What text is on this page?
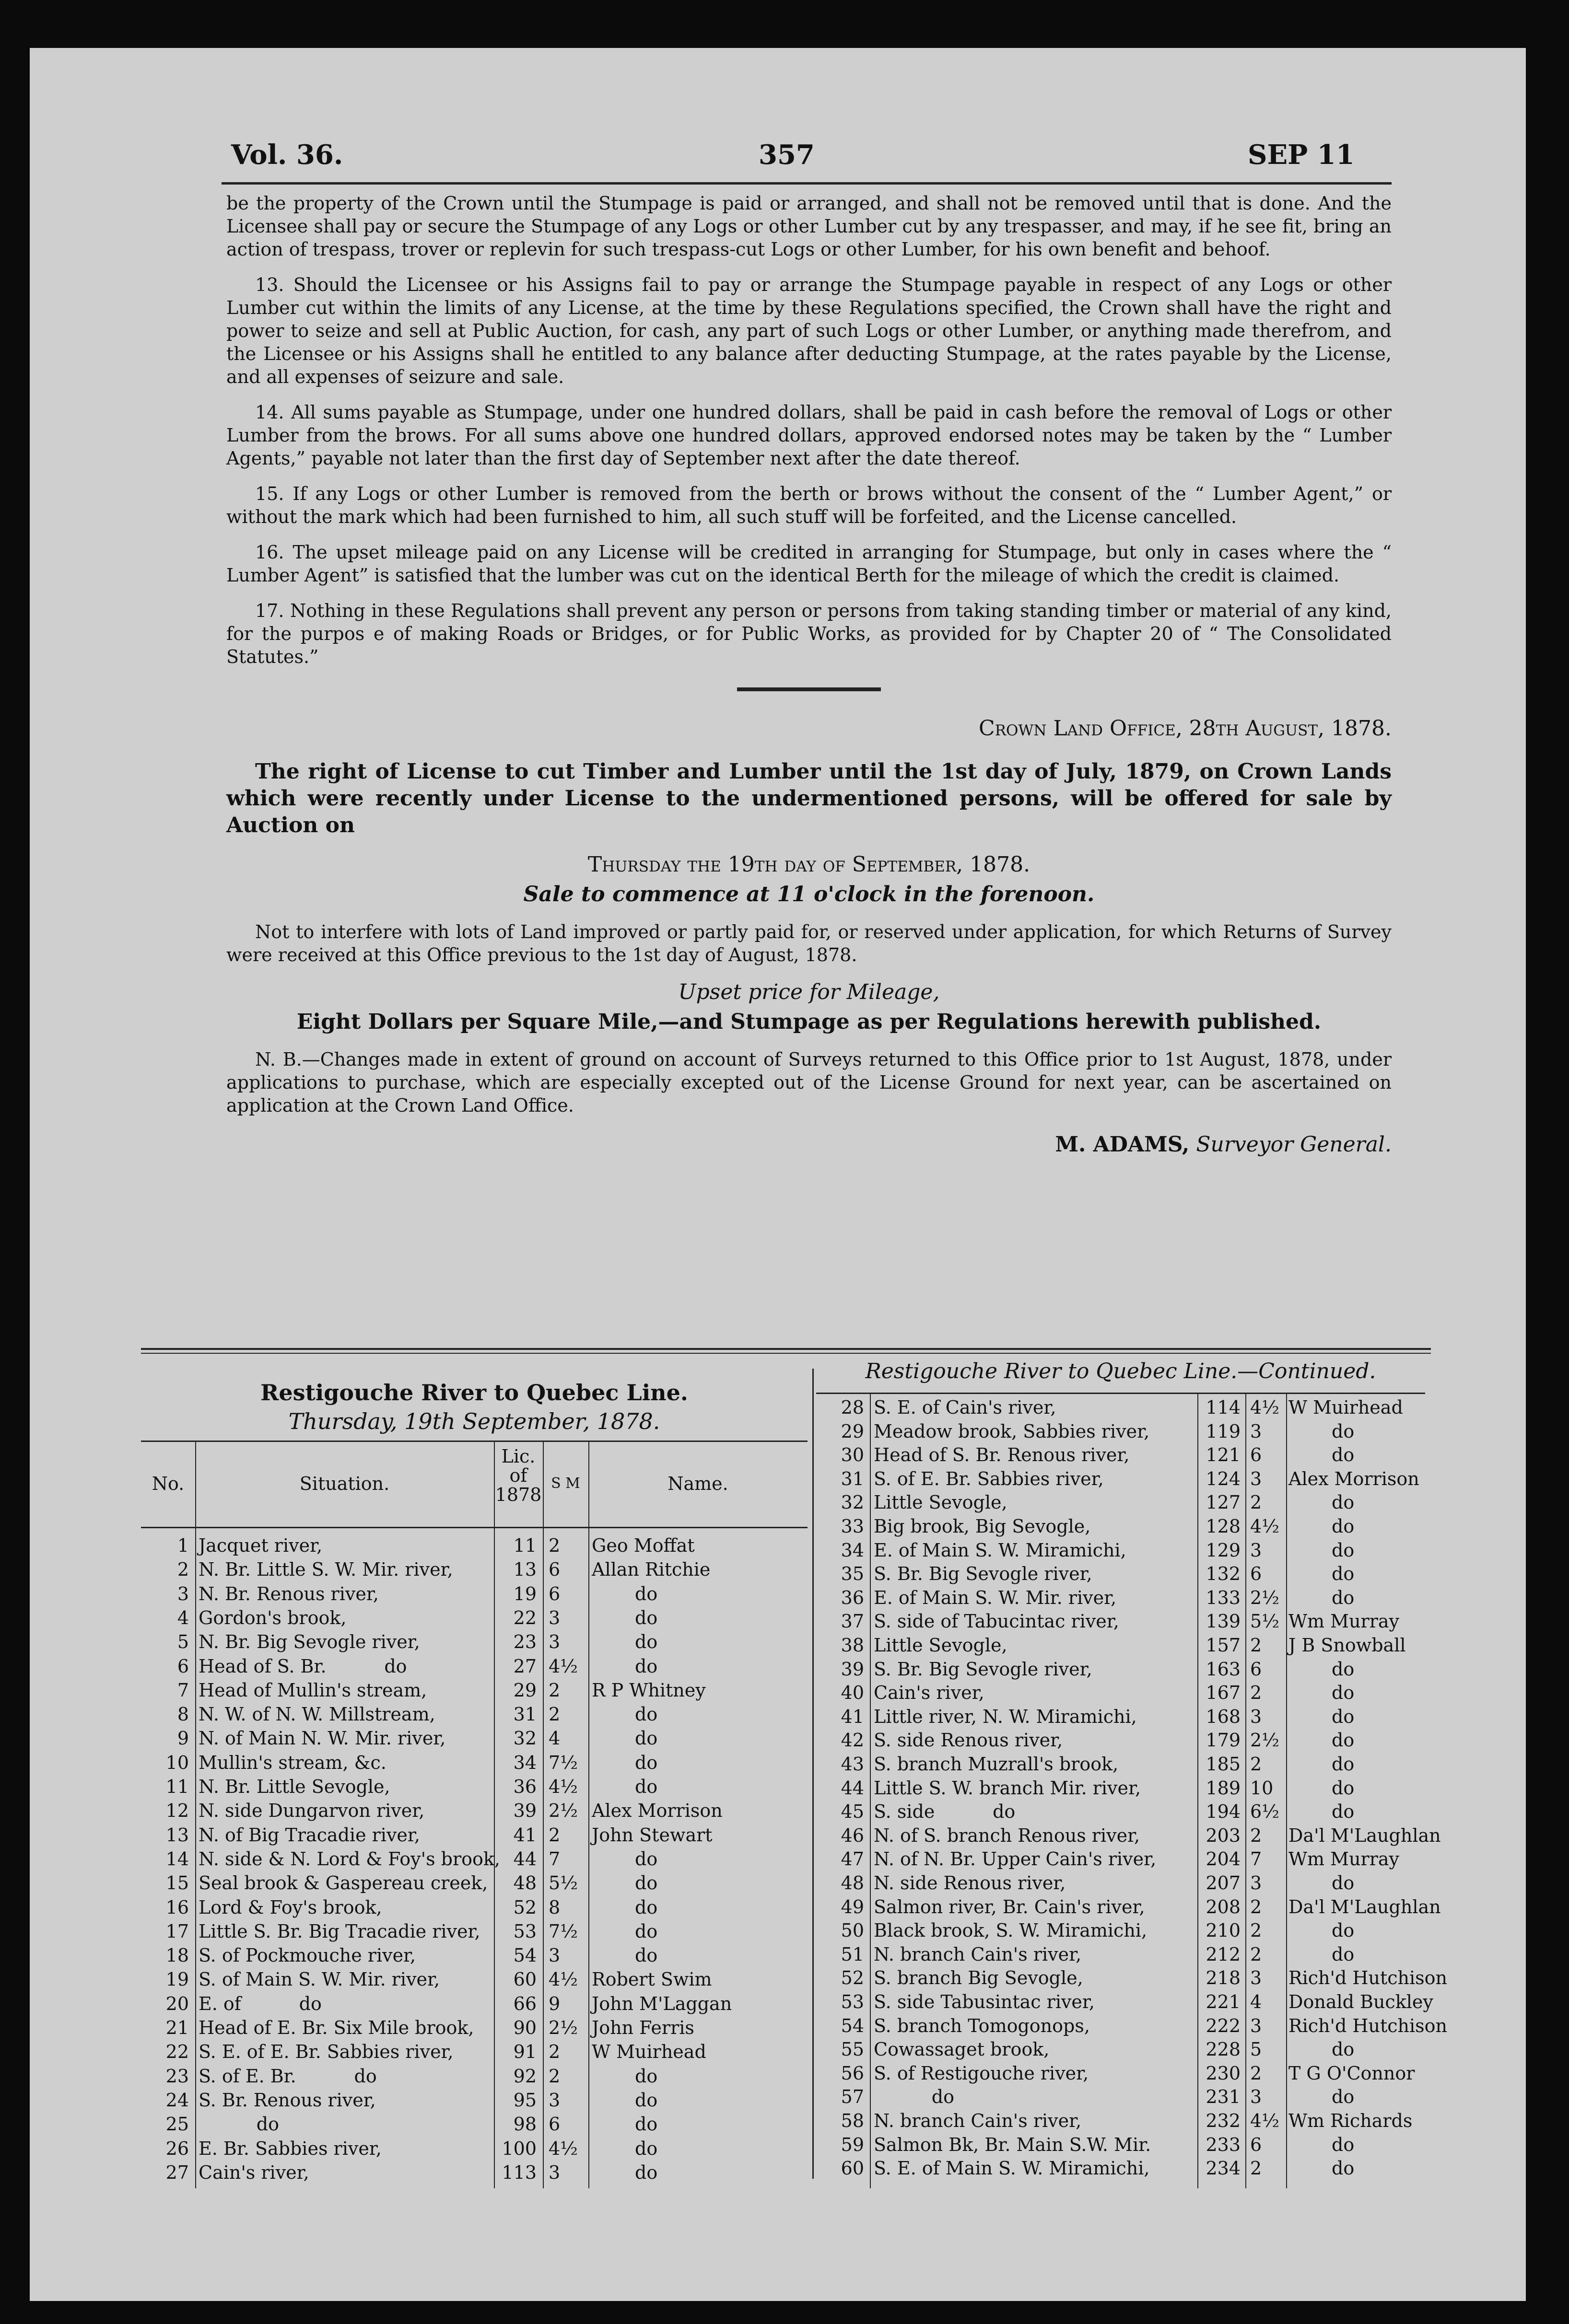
Vol. 36.	357	SEP 11

be the property of the Crown until the Stumpage is paid or arranged, and shall not be removed until that is done. And the Licensee shall pay or secure the Stumpage of any Logs or other Lumber cut by any trespasser, and may, if he see fit, bring an action of trespass, trover or replevin for such trespass-cut Logs or other Lumber, for his own benefit and behoof.

13. Should the Licensee or his Assigns fail to pay or arrange the Stumpage payable in respect of any Logs or other Lumber cut within the limits of any License, at the time by these Regulations specified, the Crown shall have the right and power to seize and sell at Public Auction, for cash, any part of such Logs or other Lumber, or anything made therefrom, and the Licensee or his Assigns shall he entitled to any balance after deducting Stumpage, at the rates payable by the License, and all expenses of seizure and sale.

14. All sums payable as Stumpage, under one hundred dollars, shall be paid in cash before the removal of Logs or other Lumber from the brows. For all sums above one hundred dollars, approved endorsed notes may be taken by the “ Lumber Agents,” payable not later than the first day of September next after the date thereof.

15. If any Logs or other Lumber is removed from the berth or brows without the consent of the “ Lumber Agent,” or without the mark which had been furnished to him, all such stuff will be forfeited, and the License cancelled.

16. The upset mileage paid on any License will be credited in arranging for Stumpage, but only in cases where the “ Lumber Agent” is satisfied that the lumber was cut on the identical Berth for the mileage of which the credit is claimed.

17. Nothing in these Regulations shall prevent any person or persons from taking standing timber or material of any kind, for the purpos e of making Roads or Bridges, or for Public Works, as provided for by Chapter 20 of “ The Consolidated Statutes.”

Crown Land Office, 28th August, 1878.

The right of License to cut Timber and Lumber until the 1st day of July, 1879, on Crown Lands which were recently under License to the undermentioned persons, will be offered for sale by Auction on

Thursday the 19th day of September, 1878.

Sale to commence at 11 o'clock in the forenoon.

Not to interfere with lots of Land improved or partly paid for, or reserved under application, for which Returns of Survey were received at this Office previous to the 1st day of August, 1878.

Upset price for Mileage,

Eight Dollars per Square Mile,—and Stumpage as per Regulations herewith published.

N. B.—Changes made in extent of ground on account of Surveys returned to this Office prior to 1st August, 1878, under applications to purchase, which are especially excepted out of the License Ground for next year, can be ascertained on application at the Crown Land Office.

M. ADAMS, Surveyor General.

Restigouche River to Quebec Line.
Thursday, 19th September, 1878.
Restigouche River to Quebec Line.—Continued.
No.	Situation.
Lic.
of
1878
S M	Name.
1 Jacquet river,	11 2	Geo Moffat
2 N. Br. Little S. W. Mir. river,	13 6	Allan Ritchie
3 N. Br. Renous river,	19 6	do
4 Gordon's brook,	22 3	do
5 N. Br. Big Sevogle river,	23 3	do
6 Head of S. Br.          do	27 4½	do
7 Head of Mullin's stream,	29 2	R P Whitney
8 N. W. of N. W. Millstream,	31 2	do
9 N. of Main N. W. Mir. river,	32 4	do
10 Mullin's stream, &c.	34 7½	do
11 N. Br. Little Sevogle,	36 4½	do
12 N. side Dungarvon river,	39 2½ Alex Morrison
13 N. of Big Tracadie river,	41 2	John Stewart
14 N. side & N. Lord & Foy's brook, 44 7	do
15 Seal brook & Gaspereau creek,	48 5½	do
16 Lord & Foy's brook,	52 8	do
17 Little S. Br. Big Tracadie river,	53 7½	do
18 S. of Pockmouche river,	54 3	do
19 S. of Main S. W. Mir. river,	60 4½ Robert Swim
20 E. of          do	66 9	John M'Laggan
21 Head of E. Br. Six Mile brook,	90 2½ John Ferris
22 S. E. of E. Br. Sabbies river,	91 2	W Muirhead
23 S. of E. Br.          do	92 2	do
24 S. Br. Renous river,	95 3	do
25 do	98 6	do
26 E. Br. Sabbies river,	100 4½	do
27 Cain's river,	113 3	do
28 S. E. of Cain's river,	114 4½ W Muirhead
29 Meadow brook, Sabbies river,	119 3	do
30 Head of S. Br. Renous river,	121 6	do
31 S. of E. Br. Sabbies river,	124 3	Alex Morrison
32 Little Sevogle,	127 2	do
33 Big brook, Big Sevogle,	128 4½	do
34 E. of Main S. W. Miramichi,	129 3	do
35 S. Br. Big Sevogle river,	132 6	do
36 E. of Main S. W. Mir. river,	133 2½	do
37 S. side of Tabucintac river,	139 5½ Wm Murray
38 Little Sevogle,	157 2	J B Snowball
39 S. Br. Big Sevogle river,	163 6	do
40 Cain's river,	167 2	do
41 Little river, N. W. Miramichi,	168 3	do
42 S. side Renous river,	179 2½	do
43 S. branch Muzrall's brook,	185 2	do
44 Little S. W. branch Mir. river,	189 10	do
45 S. side          do	194 6½	do
46 N. of S. branch Renous river,	203 2	Da'l M'Laughlan
47 N. of N. Br. Upper Cain's river,	204 7	Wm Murray
48 N. side Renous river,	207 3	do
49 Salmon river, Br. Cain's river,	208 2	Da'l M'Laughlan
50 Black brook, S. W. Miramichi,	210 2	do
51 N. branch Cain's river,	212 2	do
52 S. branch Big Sevogle,	218 3	Rich'd Hutchison
53 S. side Tabusintac river,	221 4	Donald Buckley
54 S. branch Tomogonops,	222 3	Rich'd Hutchison
55 Cowassaget brook,	228 5	do
56 S. of Restigouche river,	230 2	T G O'Connor
57 do	231 3	do
58 N. branch Cain's river,	232 4½ Wm Richards
59 Salmon Bk, Br. Main S.W. Mir.	233 6	do
60 S. E. of Main S. W. Miramichi,	234 2	do
